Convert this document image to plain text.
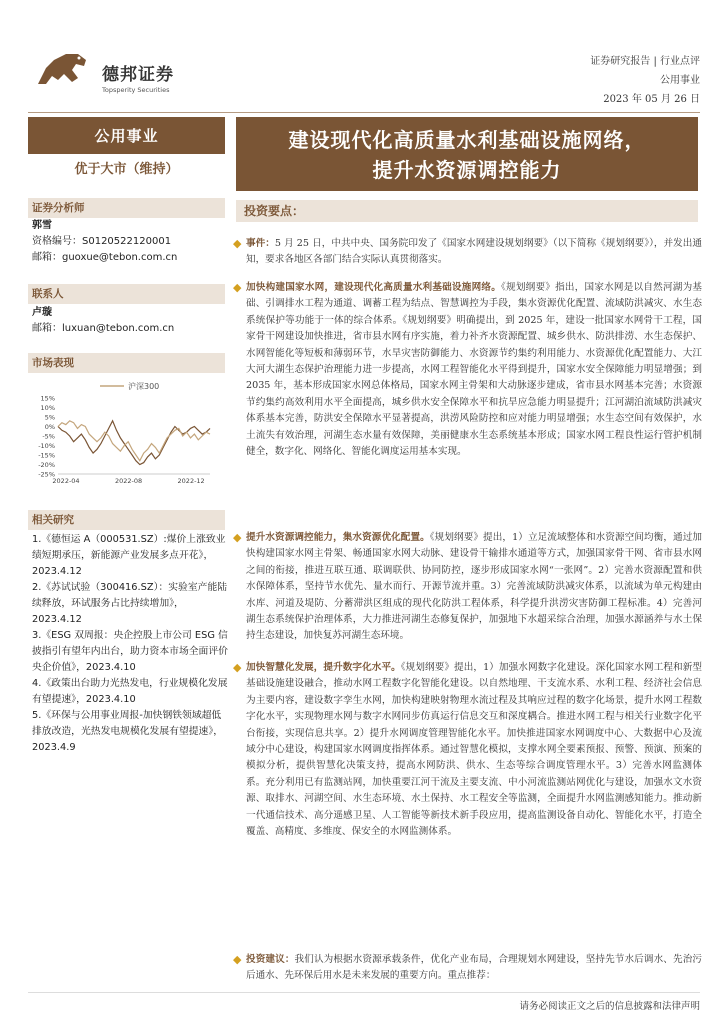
德邦证券
Topsperity Securities
证券研究报告 | 行业点评
公用事业
2023 年 05 月 26 日
公用事业
优于大市（维持）
证券分析师
郭雪
资格编号：S0120522120001
邮箱：guoxue@tebon.com.cn
联系人
卢璇
邮箱：luxuan@tebon.com.cn
市场表现
沪深300
15%
10%
5%
0%
-5%
-10%
-15%
-20%
-25%
2022-04	2022-08	2022-12
相关研究
1.《德恒运 A（000531.SZ）:煤价上涨致业绩短期承压，新能源产业发展多点开花》，2023.4.12
2.《苏试试验（300416.SZ）：实验室产能陆续释放，环试服务占比持续增加》，2023.4.12
3.《ESG 双周报：央企控股上市公司 ESG 信披指引有望年内出台，助力资本市场全面评价央企价值》，2023.4.10
4.《政策出台助力光热发电，行业规模化发展有望提速》，2023.4.10
5.《环保与公用事业周报-加快钢铁领域超低排放改造，光热发电规模化发展有望提速》，2023.4.9
建设现代化高质量水利基础设施网络，
提升水资源调控能力
投资要点：
◆ 事件：5 月 25 日，中共中央、国务院印发了《国家水网建设规划纲要》（以下简称《规划纲要》），并发出通知，要求各地区各部门结合实际认真贯彻落实。
◆ 加快构建国家水网，建设现代化高质量水利基础设施网络。《规划纲要》指出，国家水网是以自然河湖为基础、引调排水工程为通道、调蓄工程为结点、智慧调控为手段，集水资源优化配置、流域防洪减灾、水生态系统保护等功能于一体的综合体系。《规划纲要》明确提出，到 2025 年，建设一批国家水网骨干工程，国家骨干网建设加快推进，省市县水网有序实施，着力补齐水资源配置、城乡供水、防洪排涝、水生态保护、水网智能化等短板和薄弱环节，水旱灾害防御能力、水资源节约集约利用能力、水资源优化配置能力、大江大河大湖生态保护治理能力进一步提高，水网工程智能化水平得到提升，国家水安全保障能力明显增强；到 2035 年，基本形成国家水网总体格局，国家水网主骨架和大动脉逐步建成，省市县水网基本完善；水资源节约集约高效利用水平全面提高，城乡供水安全保障水平和抗旱应急能力明显提升；江河湖泊流域防洪减灾体系基本完善，防洪安全保障水平显著提高，洪涝风险防控和应对能力明显增强；水生态空间有效保护，水土流失有效治理，河湖生态水量有效保障，美丽健康水生态系统基本形成；国家水网工程良性运行管护机制健全，数字化、网络化、智能化调度运用基本实现。
◆ 提升水资源调控能力，集水资源优化配置。《规划纲要》提出，1）立足流域整体和水资源空间均衡，通过加快构建国家水网主骨架、畅通国家水网大动脉、建设骨干输排水通道等方式，加强国家骨干网、省市县水网之间的衔接，推进互联互通、联调联供、协同防控，逐步形成国家水网“一张网”。2）完善水资源配置和供水保障体系，坚持节水优先、量水而行、开源节流并重。3）完善流域防洪减灾体系，以流域为单元构建由水库、河道及堤防、分蓄滞洪区组成的现代化防洪工程体系，科学提升洪涝灾害防御工程标准。4）完善河湖生态系统保护治理体系，大力推进河湖生态修复保护，加强地下水超采综合治理，加强水源涵养与水土保持生态建设，加快复苏河湖生态环境。
◆ 加快智慧化发展，提升数字化水平。《规划纲要》提出，1）加强水网数字化建设。深化国家水网工程和新型基础设施建设融合，推动水网工程数字化智能化建设。以自然地理、干支流水系、水利工程、经济社会信息为主要内容，建设数字孪生水网，加快构建映射物理水流过程及其响应过程的数字化场景，提升水网工程数字化水平，实现物理水网与数字水网同步仿真运行信息交互和深度耦合。推进水网工程与相关行业数字化平台衔接，实现信息共享。2）提升水网调度管理智能化水平。加快推进国家水网调度中心、大数据中心及流域分中心建设，构建国家水网调度指挥体系。通过智慧化模拟，支撑水网全要素预报、预警、预演、预案的模拟分析，提供智慧化决策支持，提高水网防洪、供水、生态等综合调度管理水平。3）完善水网监测体系。充分利用已有监测站网，加快重要江河干流及主要支流、中小河流监测站网优化与建设，加强水文水资源、取排水、河湖空间、水生态环境、水土保持、水工程安全等监测，全面提升水网监测感知能力。推动新一代通信技术、高分遥感卫星、人工智能等新技术新手段应用，提高监测设备自动化、智能化水平，打造全覆盖、高精度、多维度、保安全的水网监测体系。
◆ 投资建议：我们认为根据水资源承载条件，优化产业布局，合理规划水网建设，坚持先节水后调水、先治污后通水、先环保后用水是未来发展的重要方向。重点推荐：
请务必阅读正文之后的信息披露和法律声明
